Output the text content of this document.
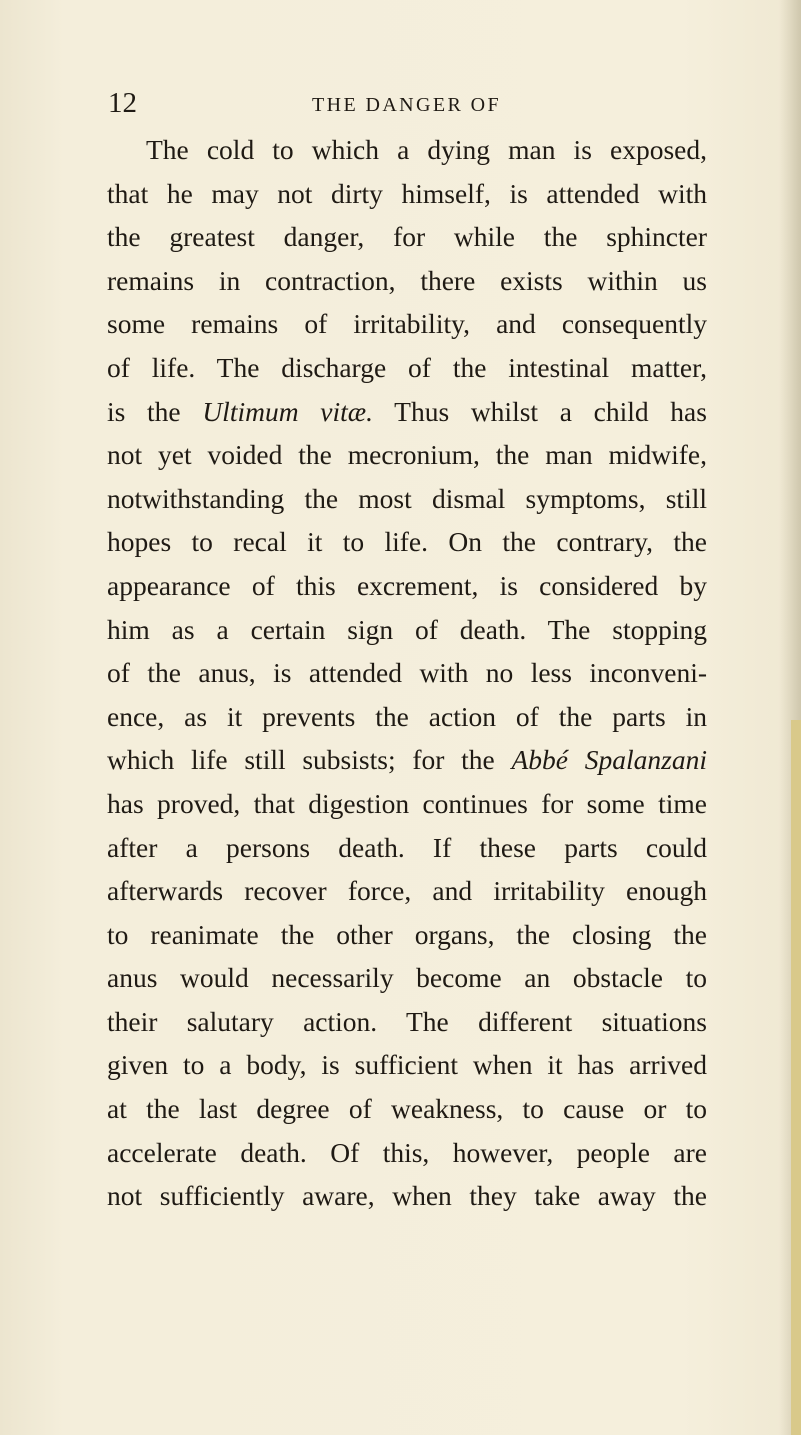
12	THE DANGER OF
The cold to which a dying man is exposed,
that he may not dirty himself, is attended with
the greatest danger, for while the sphincter
remains in contraction, there exists within us
some remains of irritability, and consequently
of life. The discharge of the intestinal matter,
is the Ultimum vitæ. Thus whilst a child has
not yet voided the mecronium, the man midwife,
notwithstanding the most dismal symptoms, still
hopes to recal it to life. On the contrary, the
appearance of this excrement, is considered by
him as a certain sign of death. The stopping
of the anus, is attended with no less inconveni-
ence, as it prevents the action of the parts in
which life still subsists; for the Abbé Spalanzani
has proved, that digestion continues for some time
after a persons death. If these parts could
afterwards recover force, and irritability enough
to reanimate the other organs, the closing the
anus would necessarily become an obstacle to
their salutary action. The different situations
given to a body, is sufficient when it has arrived
at the last degree of weakness, to cause or to
accelerate death. Of this, however, people are
not sufficiently aware, when they take away the
